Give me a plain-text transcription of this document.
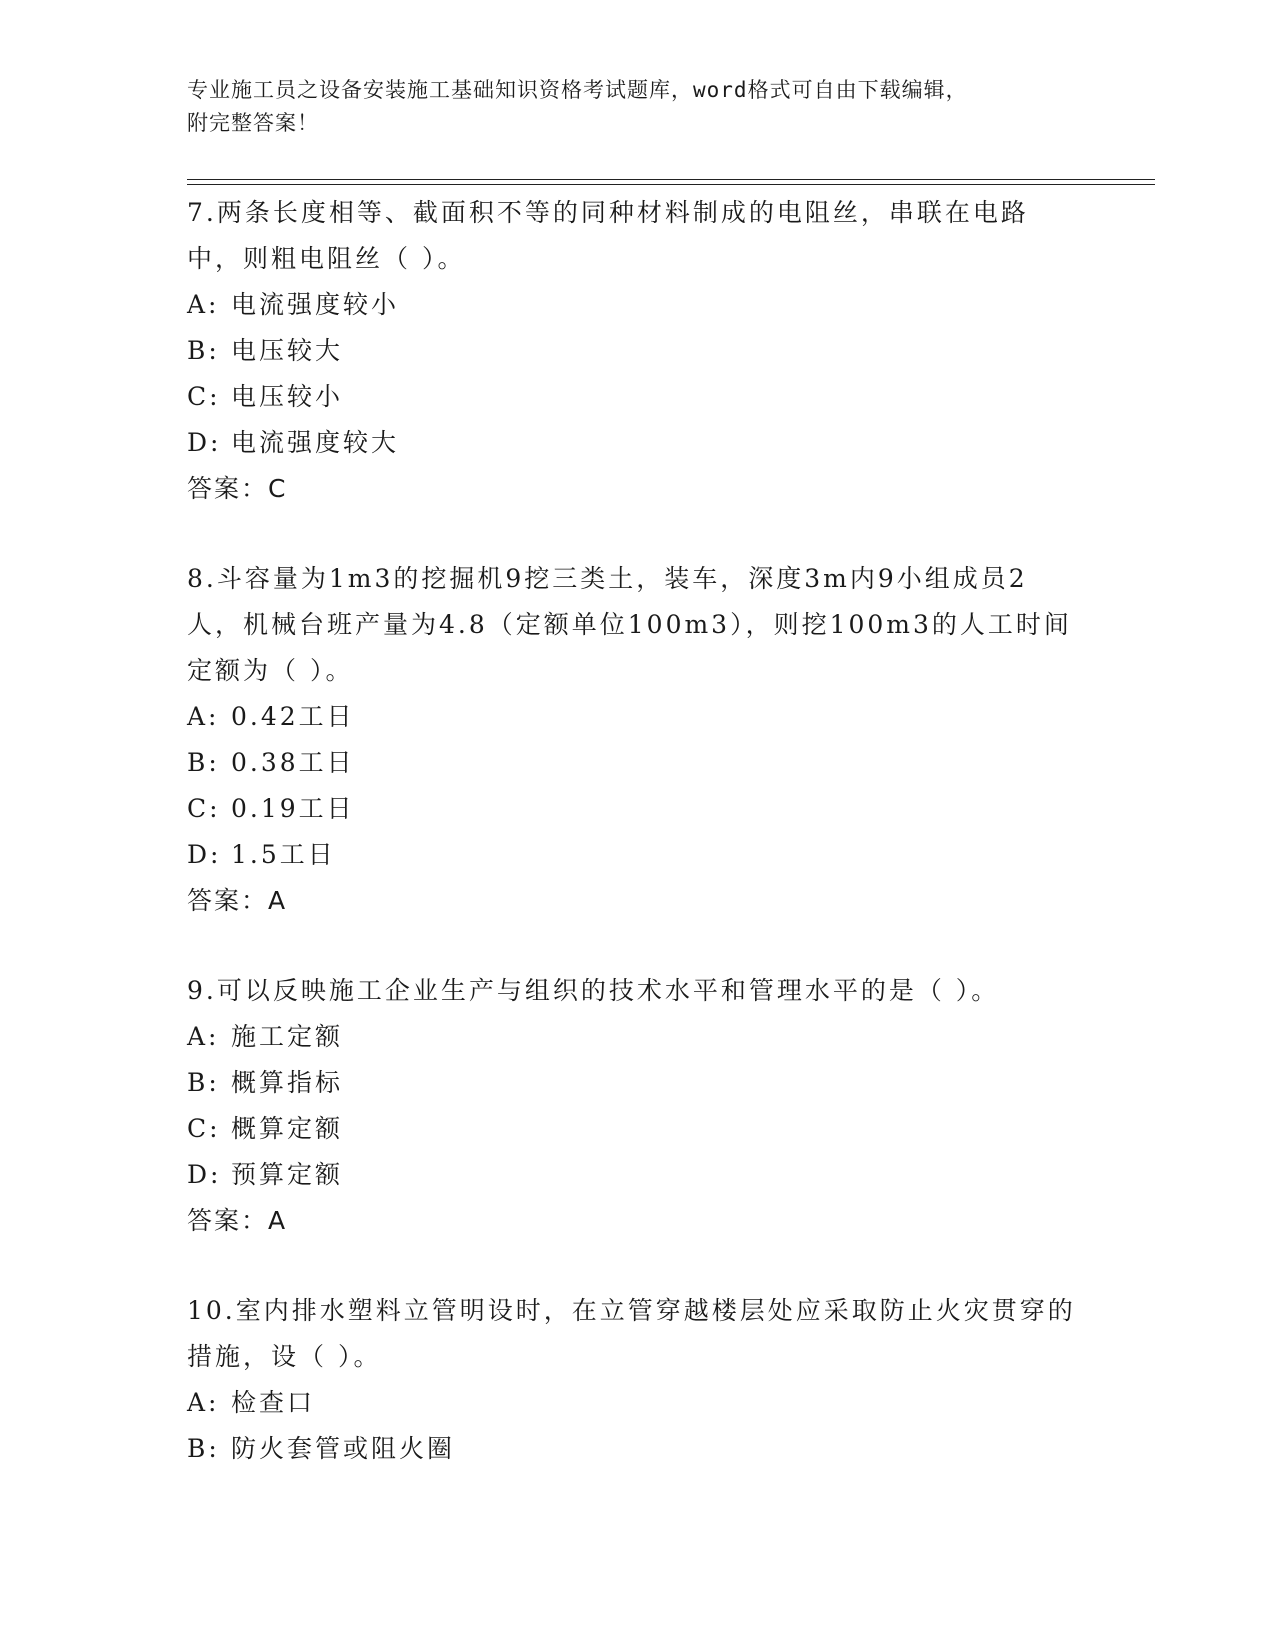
专业施工员之设备安装施工基础知识资格考试题库，word格式可自由下载编辑，
附完整答案！
7.两条长度相等、截面积不等的同种材料制成的电阻丝，串联在电路中，则粗电阻丝（ ）。
A: 电流强度较小
B: 电压较大
C: 电压较小
D: 电流强度较大
答案：C
8.斗容量为1m3的挖掘机9挖三类土，装车，深度3m内9小组成员2人，机械台班产量为4.8（定额单位100m3），则挖100m3的人工时间定额为（ ）。
A: 0.42工日
B: 0.38工日
C: 0.19工日
D: 1.5工日
答案：A
9.可以反映施工企业生产与组织的技术水平和管理水平的是（ ）。
A: 施工定额
B: 概算指标
C: 概算定额
D: 预算定额
答案：A
10.室内排水塑料立管明设时，在立管穿越楼层处应采取防止火灾贯穿的措施，设（ ）。
A: 检查口
B: 防火套管或阻火圈
